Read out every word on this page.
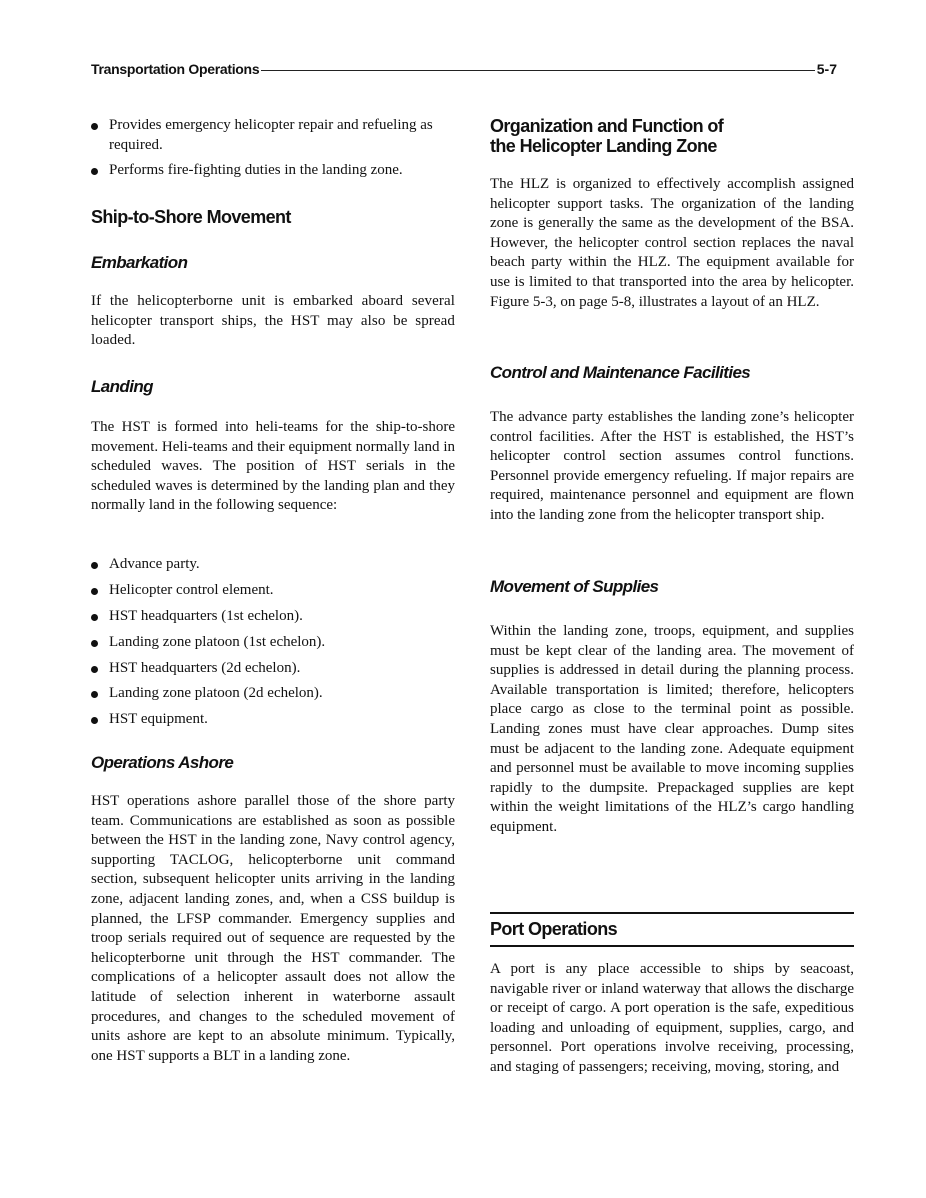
Transportation Operations	5-7
Provides emergency helicopter repair and refueling as required.
Performs fire-fighting duties in the landing zone.
Ship-to-Shore Movement
Embarkation

If the helicopterborne unit is embarked aboard several helicopter transport ships, the HST may also be spread loaded.

Landing

The HST is formed into heli-teams for the ship-to-shore movement. Heli-teams and their equipment normally land in scheduled waves. The position of HST serials in the scheduled waves is determined by the landing plan and they normally land in the following sequence:

Advance party.
Helicopter control element.
HST headquarters (1st echelon).
Landing zone platoon (1st echelon).
HST headquarters (2d echelon).
Landing zone platoon (2d echelon).
HST equipment.
Operations Ashore

HST operations ashore parallel those of the shore party team. Communications are established as soon as possible between the HST in the landing zone, Navy control agency, supporting TACLOG, helicopterborne unit command section, subsequent helicopter units arriving in the landing zone, adjacent landing zones, and, when a CSS buildup is planned, the LFSP commander. Emergency supplies and troop serials required out of sequence are requested by the helicopterborne unit through the HST commander. The complications of a helicopter assault does not allow the latitude of selection inherent in waterborne assault procedures, and changes to the scheduled movement of units ashore are kept to an absolute minimum. Typically, one HST supports a BLT in a landing zone.

Organization and Function of
the Helicopter Landing Zone

The HLZ is organized to effectively accomplish assigned helicopter support tasks. The organization of the landing zone is generally the same as the development of the BSA. However, the helicopter control section replaces the naval beach party within the HLZ. The equipment available for use is limited to that transported into the area by helicopter. Figure 5-3, on page 5-8, illustrates a layout of an HLZ.

Control and Maintenance Facilities

The advance party establishes the landing zone’s helicopter control facilities. After the HST is established, the HST’s helicopter control section assumes control functions. Personnel provide emergency refueling. If major repairs are required, maintenance personnel and equipment are flown into the landing zone from the helicopter transport ship.

Movement of Supplies

Within the landing zone, troops, equipment, and supplies must be kept clear of the landing area. The movement of supplies is addressed in detail during the planning process. Available transportation is limited; therefore, helicopters place cargo as close to the terminal point as possible. Landing zones must have clear approaches. Dump sites must be adjacent to the landing zone. Adequate equipment and personnel must be available to move incoming supplies rapidly to the dumpsite. Prepackaged supplies are kept within the weight limitations of the HLZ’s cargo handling equipment.

Port Operations

A port is any place accessible to ships by seacoast, navigable river or inland waterway that allows the discharge or receipt of cargo. A port operation is the safe, expeditious loading and unloading of equipment, supplies, cargo, and personnel. Port operations involve receiving, processing, and staging of passengers; receiving, moving, storing, and
